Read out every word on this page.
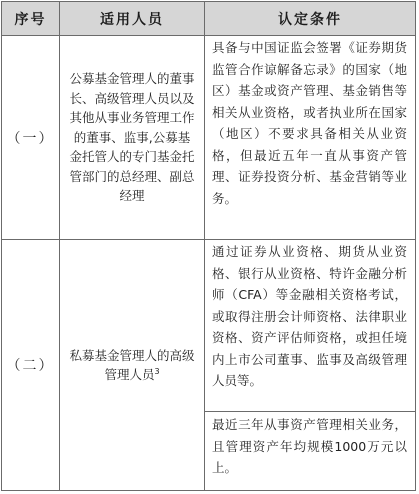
序号	适用人员	认定条件
（一）
公募基金管理人的董事长、高级管理人员以及其他从事业务管理工作的董事、监事,公募基金托管人的专门基金托管部门的总经理、副总经理
具备与中国证监会签署《证券期货监管合作谅解备忘录》的国家（地区）基金或资产管理、基金销售等相关从业资格，或者执业所在国家（地区）不要求具备相关从业资格，但最近五年一直从事资产管理、证券投资分析、基金营销等业务。
（二）
私募基金管理人的高级管理人员$^3$
通过证券从业资格、期货从业资格、银行从业资格、特许金融分析师（CFA）等金融相关资格考试，或取得注册会计师资格、法律职业资格、资产评估师资格，或担任境内上市公司董事、监事及高级管理人员等。
最近三年从事资产管理相关业务，且管理资产年均规模1000万元以上。
